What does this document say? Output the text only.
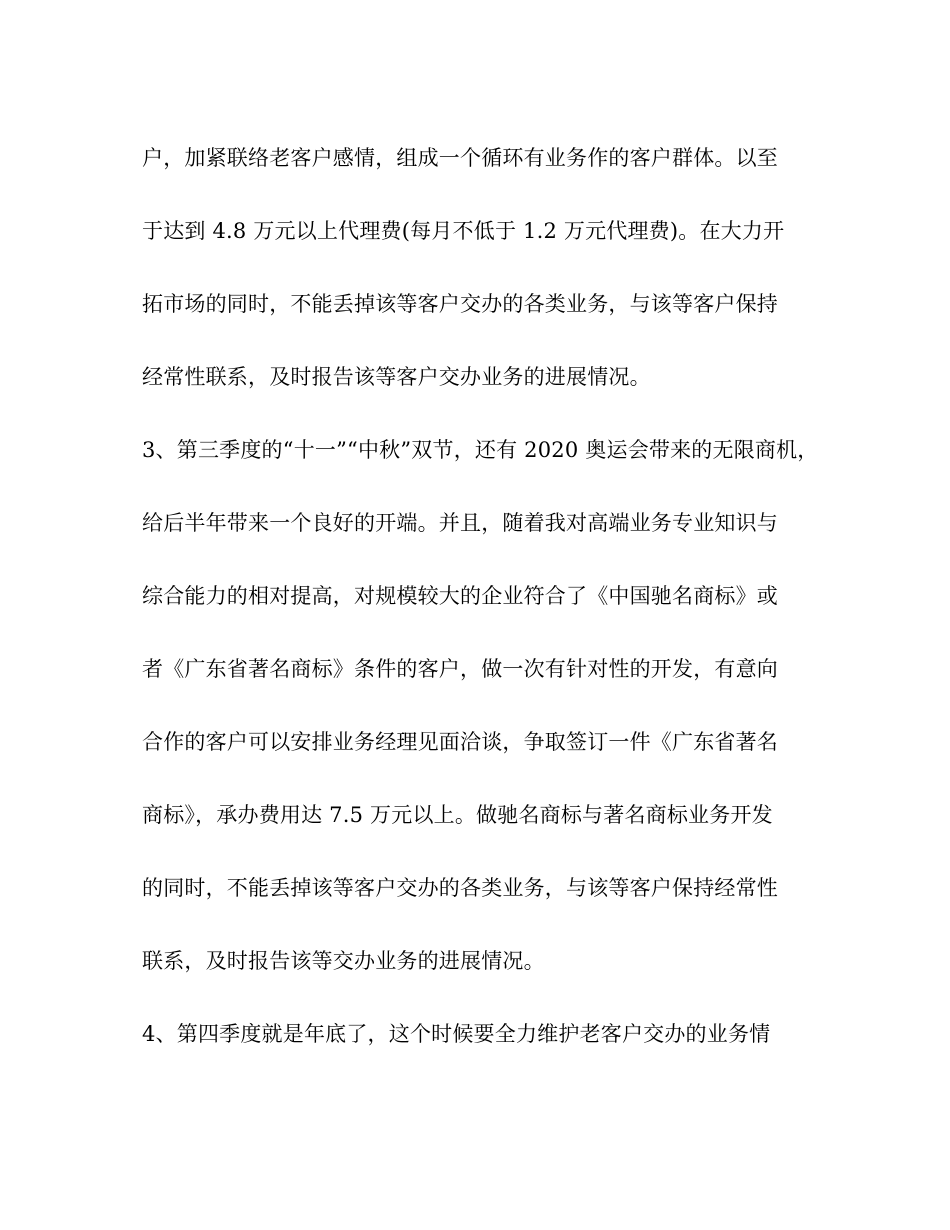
户，加紧联络老客户感情，组成一个循环有业务作的客户群体。以至
于达到 4.8 万元以上代理费(每月不低于 1.2 万元代理费)。在大力开
拓市场的同时，不能丢掉该等客户交办的各类业务，与该等客户保持
经常性联系，及时报告该等客户交办业务的进展情况。
3、第三季度的“十一”“中秋”双节，还有 2020 奥运会带来的无限商机，
给后半年带来一个良好的开端。并且，随着我对高端业务专业知识与
综合能力的相对提高，对规模较大的企业符合了《中国驰名商标》或
者《广东省著名商标》条件的客户，做一次有针对性的开发，有意向
合作的客户可以安排业务经理见面洽谈，争取签订一件《广东省著名
商标》，承办费用达 7.5 万元以上。做驰名商标与著名商标业务开发
的同时，不能丢掉该等客户交办的各类业务，与该等客户保持经常性
联系，及时报告该等交办业务的进展情况。
4、第四季度就是年底了，这个时候要全力维护老客户交办的业务情
